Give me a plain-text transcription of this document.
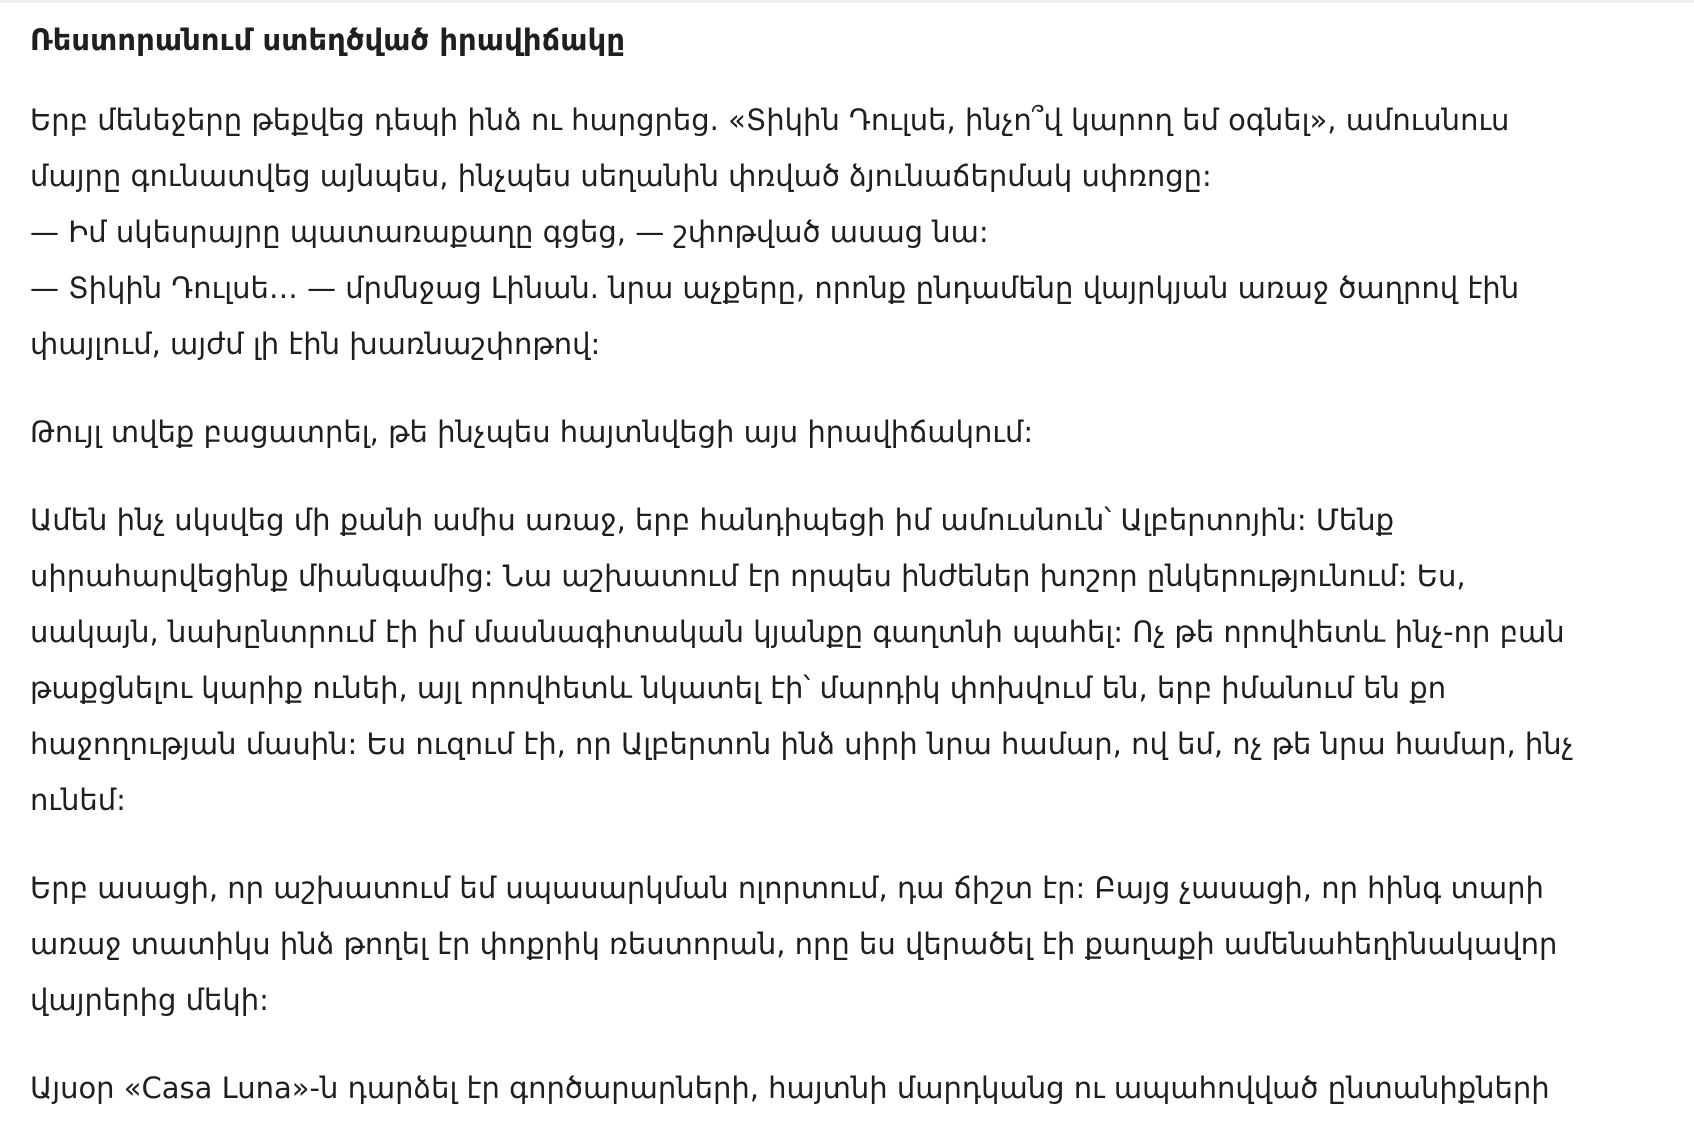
Ռեստորանում ստեղծված իրավիճակը
Երբ մենեջերը թեքվեց դեպի ինձ ու հարցրեց. «Տիկին Դուլսե, ինչո՞վ կարող եմ օգնել», ամուսնուս
մայրը գունատվեց այնպես, ինչպես սեղանին փռված ձյունաճերմակ սփռոցը:
— Իմ սկեսրայրը պատառաքաղը գցեց, — շփոթված ասաց նա:
— Տիկին Դուլսե… — մրմնջաց Լինան. նրա աչքերը, որոնք ընդամենը վայրկյան առաջ ծաղրով էին
փայլում, այժմ լի էին խառնաշփոթով:
Թույլ տվեք բացատրել, թե ինչպես հայտնվեցի այս իրավիճակում:
Ամեն ինչ սկսվեց մի քանի ամիս առաջ, երբ հանդիպեցի իմ ամուսնուն՝ Ալբերտոյին: Մենք
սիրահարվեցինք միանգամից: Նա աշխատում էր որպես ինժեներ խոշոր ընկերությունում: Ես,
սակայն, նախընտրում էի իմ մասնագիտական կյանքը գաղտնի պահել: Ոչ թե որովհետև ինչ-որ բան
թաքցնելու կարիք ունեի, այլ որովհետև նկատել էի՝ մարդիկ փոխվում են, երբ իմանում են քո
հաջողության մասին: Ես ուզում էի, որ Ալբերտոն ինձ սիրի նրա համար, ով եմ, ոչ թե նրա համար, ինչ
ունեմ:
Երբ ասացի, որ աշխատում եմ սպասարկման ոլորտում, դա ճիշտ էր: Բայց չասացի, որ հինգ տարի
առաջ տատիկս ինձ թողել էր փոքրիկ ռեստորան, որը ես վերածել էի քաղաքի ամենահեղինակավոր
վայրերից մեկի:
Այսօր «Casa Luna»-ն դարձել էր գործարարների, հայտնի մարդկանց ու ապահովված ընտանիքների
